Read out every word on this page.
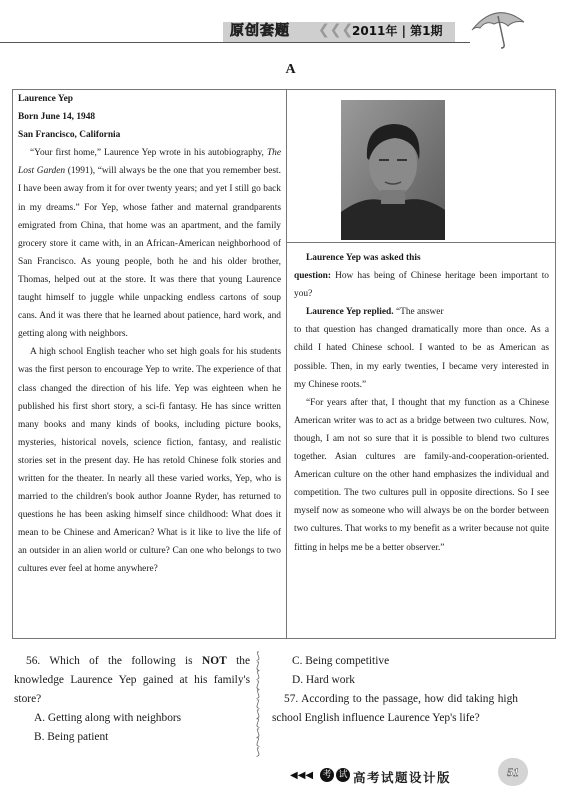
原创套题 ❮❮❮
2011年 | 第1期
A
Laurence Yep
Born June 14, 1948
San Francisco, California

“Your first home,” Laurence Yep wrote in his autobiography, The Lost Garden (1991), “will always be the one that you remember best. I have been away from it for over twenty years; and yet I still go back in my dreams.” For Yep, whose father and maternal grandparents emigrated from China, that home was an apartment, and the family grocery store it came with, in an African-American neighborhood of San Francisco. As young people, both he and his older brother, Thomas, helped out at the store. It was there that young Laurence taught himself to juggle while unpacking endless cartons of soup cans. And it was there that he learned about patience, hard work, and getting along with neighbors.

A high school English teacher who set high goals for his students was the first person to encourage Yep to write. The experience of that class changed the direction of his life. Yep was eighteen when he published his first short story, a sci-fi fantasy. He has since written many books and many kinds of books, including picture books, mysteries, historical novels, science fiction, fantasy, and realistic stories set in the present day. He has retold Chinese folk stories and written for the theater. In nearly all these varied works, Yep, who is married to the children's book author Joanne Ryder, has returned to questions he has been asking himself since childhood: What does it mean to be Chinese and American? What is it like to live the life of an outsider in an alien world or culture? Can one who belongs to two cultures ever feel at home anywhere?

Laurence Yep was asked this

question: How has being of Chinese heritage been important to you?

Laurence Yep replied. “The answer

to that question has changed dramatically more than once. As a child I hated Chinese school. I wanted to be as American as possible. Then, in my early twenties, I became very interested in my Chinese roots.”

“For years after that, I thought that my function as a Chinese American writer was to act as a bridge between two cultures. Now, though, I am not so sure that it is possible to blend two cultures together. Asian cultures are family-and-cooperation-oriented. American culture on the other hand emphasizes the individual and competition. The two cultures pull in opposite directions. So I see myself now as someone who will always be on the border between two cultures. That works to my benefit as a writer because not quite fitting in helps me be a better observer.”

56. Which of the following is NOT the knowledge Laurence Yep gained at his family's store?

A. Getting along with neighbors
B. Being patient
⟆
⟅
⟆
⟅
⟆
⟅
⟆
⟅
⟆
⟅
⟆
C. Being competitive
D. Hard work

57. According to the passage, how did taking high school English influence Laurence Yep's life?

◀◀◀ 考 试 高考试题设计版	51
